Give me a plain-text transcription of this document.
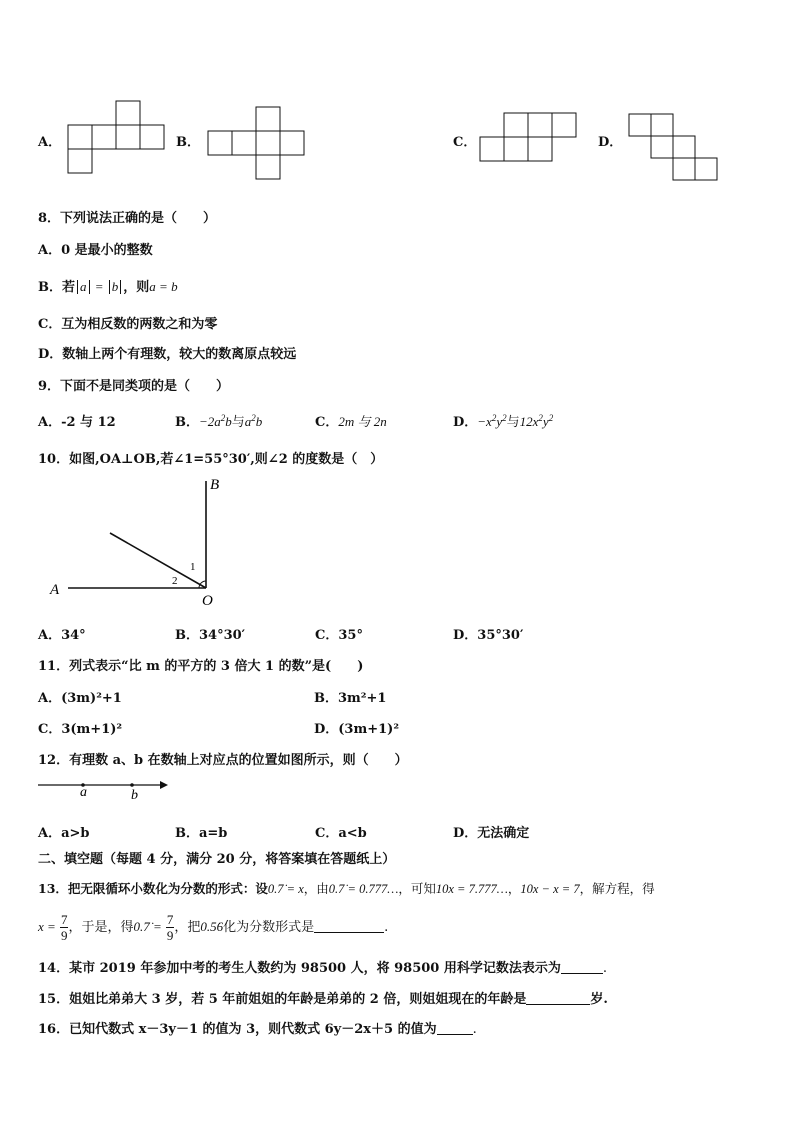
A．	B．	C．	D．
8．下列说法正确的是（　　）
A．0 是最小的整数
B．若 a = b ，则a = b
C．互为相反数的两数之和为零
D．数轴上两个有理数，较大的数离原点较远
9．下面不是同类项的是（　　）
A．-2 与 12	B．$-2a^2b$与$a^2b$	C．2m 与 2n	D．$-x^2y^2$与$12x^2y^2$
10．如图,OA⊥OB,若∠1=55°30′,则∠2 的度数是（　）
B
A
O
1
2
A．34°	B．34°30′	C．35°	D．35°30′
11．列式表示“比 m 的平方的 3 倍大 1 的数”是(　　)
A．(3m)²+1	B．3m²+1
C．3(m+1)²	D．(3m+1)²
12．有理数 a、b 在数轴上对应点的位置如图所示，则（　　）
a	b
A．a>b	B．a=b	C．a<b	D．无法确定
二、填空题（每题 4 分，满分 20 分，将答案填在答题纸上）
13．把无限循环小数化为分数的形式：设0.7̇ = x，由0.7̇ = 0.777…，可知10x = 7.777…，10x − x = 7，解方程，得
$x = \frac{7}{9}$ ，于是，得0.7̇ = $\frac{7}{9}$ ，把0.5̇6̇化为分数形式是	.
14．某市 2019 年参加中考的考生人数约为 98500 人，将 98500 用科学记数法表示为	.
15．姐姐比弟弟大 3 岁，若 5 年前姐姐的年龄是弟弟的 2 倍，则姐姐现在的年龄是	岁.
16．已知代数式 x－3y－1 的值为 3，则代数式 6y－2x＋5 的值为	.
